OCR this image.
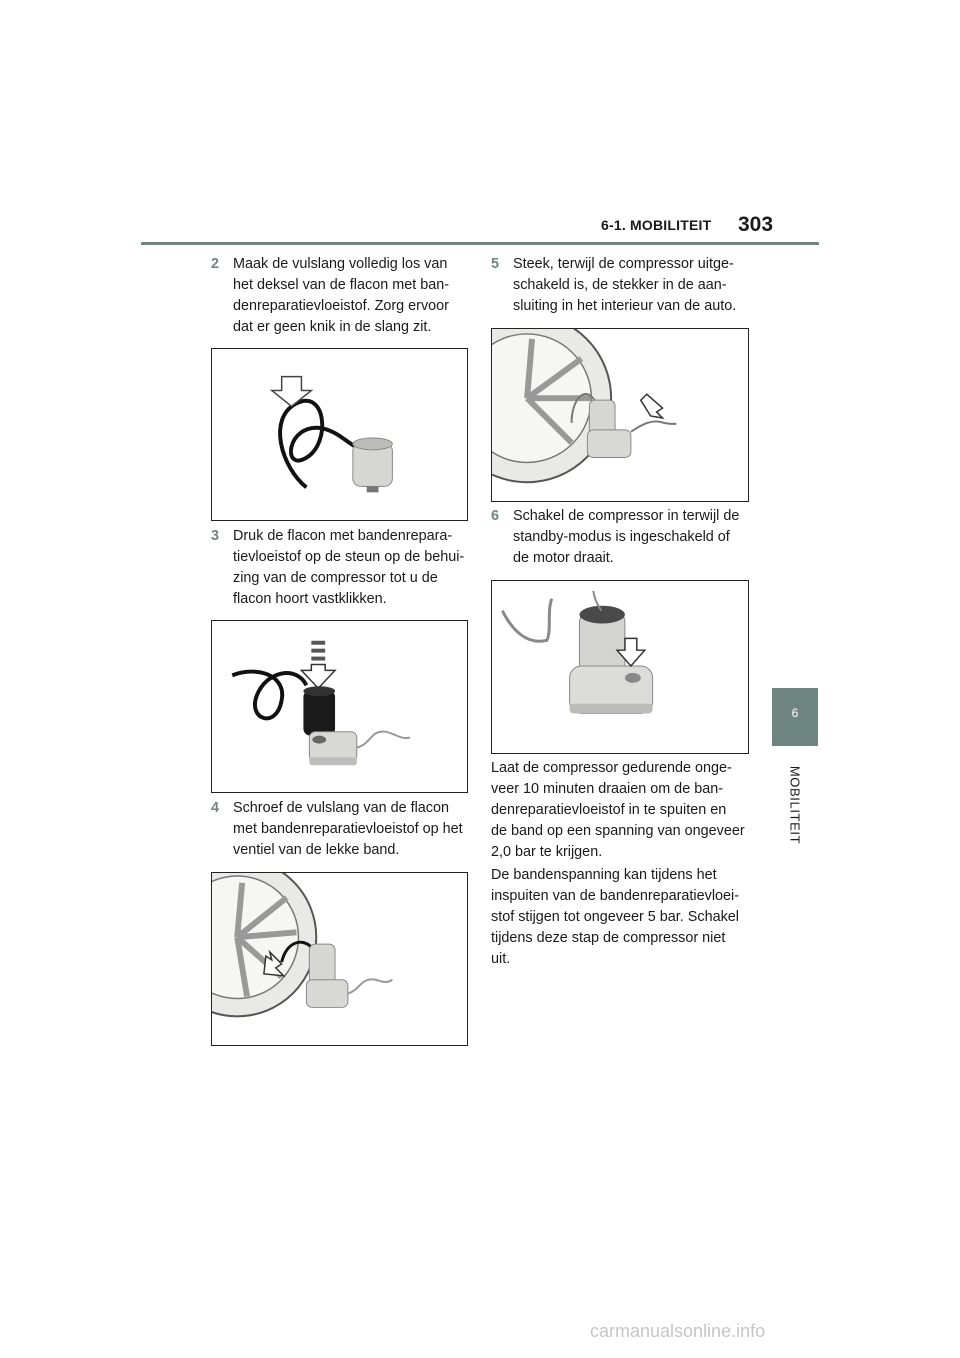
6-1. MOBILITEIT 303
6
MOBILITEIT
2 Maak de vulslang volledig los van
het deksel van de flacon met ban-
denreparatievloeistof. Zorg ervoor
dat er geen knik in de slang zit.
3 Druk de flacon met bandenrepara-
tievloeistof op de steun op de behui-
zing van de compressor tot u de
flacon hoort vastklikken.
4 Schroef de vulslang van de flacon
met bandenreparatievloeistof op het
ventiel van de lekke band.
5 Steek, terwijl de compressor uitge-
schakeld is, de stekker in de aan-
sluiting in het interieur van de auto.
6 Schakel de compressor in terwijl de
standby-modus is ingeschakeld of
de motor draait.
Laat de compressor gedurende onge-
veer 10 minuten draaien om de ban-
denreparatievloeistof in te spuiten en
de band op een spanning van ongeveer
2,0 bar te krijgen.
De bandenspanning kan tijdens het
inspuiten van de bandenreparatievloei-
stof stijgen tot ongeveer 5 bar. Schakel
tijdens deze stap de compressor niet
uit.
carmanualsonline.info
